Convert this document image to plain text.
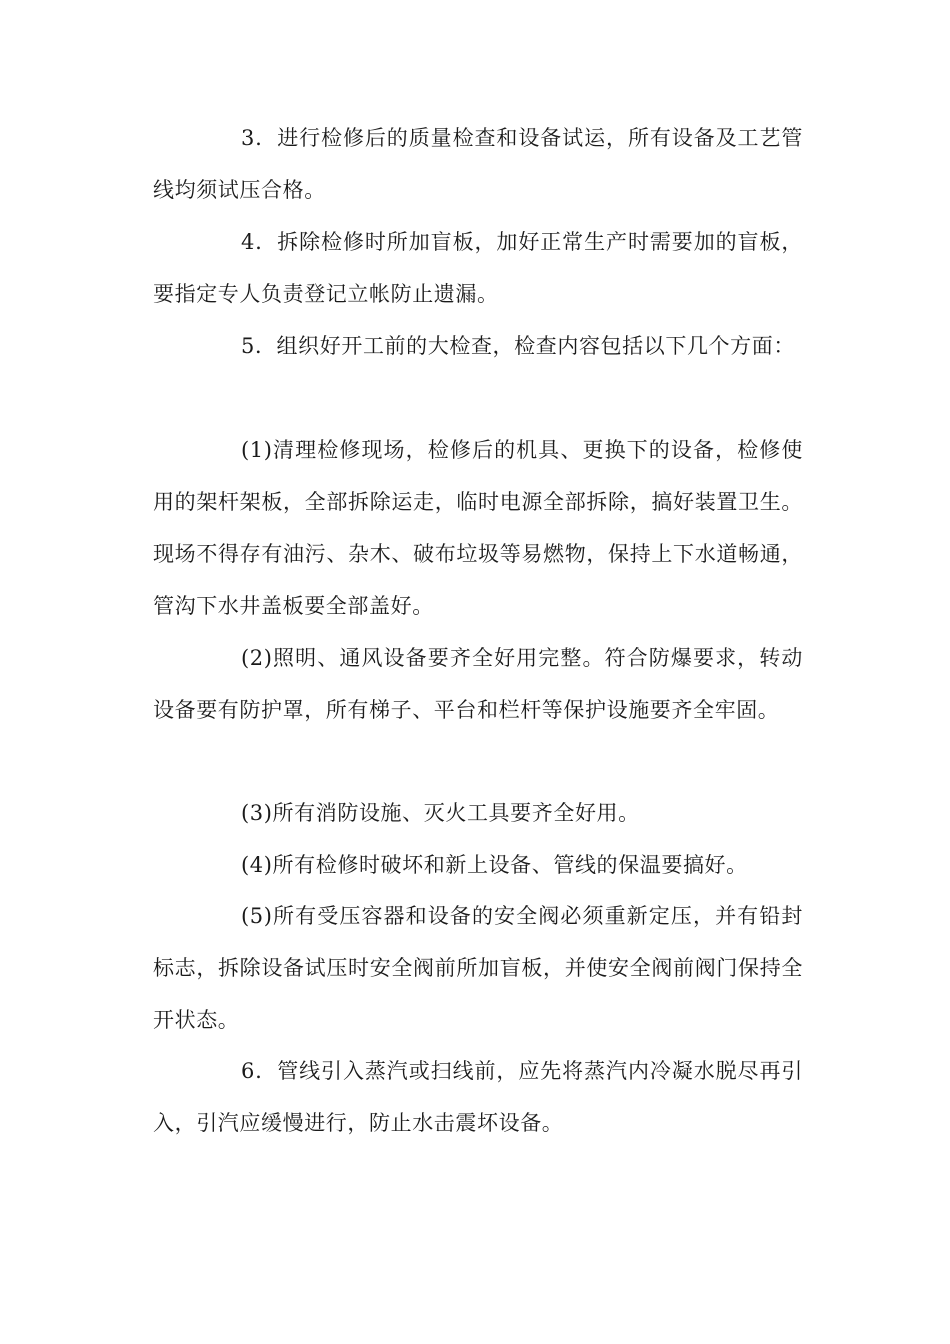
3．进行检修后的质量检查和设备试运，所有设备及工艺管线均须试压合格。

4．拆除检修时所加盲板，加好正常生产时需要加的盲板，要指定专人负责登记立帐防止遗漏。

5．组织好开工前的大检查，检查内容包括以下几个方面：

(1)清理检修现场，检修后的机具、更换下的设备，检修使用的架杆架板，全部拆除运走，临时电源全部拆除，搞好装置卫生。现场不得存有油污、杂木、破布垃圾等易燃物，保持上下水道畅通，管沟下水井盖板要全部盖好。

(2)照明、通风设备要齐全好用完整。符合防爆要求，转动设备要有防护罩，所有梯子、平台和栏杆等保护设施要齐全牢固。

(3)所有消防设施、灭火工具要齐全好用。

(4)所有检修时破坏和新上设备、管线的保温要搞好。

(5)所有受压容器和设备的安全阀必须重新定压，并有铅封标志，拆除设备试压时安全阀前所加盲板，并使安全阀前阀门保持全开状态。

6．管线引入蒸汽或扫线前，应先将蒸汽内冷凝水脱尽再引入，引汽应缓慢进行，防止水击震坏设备。
